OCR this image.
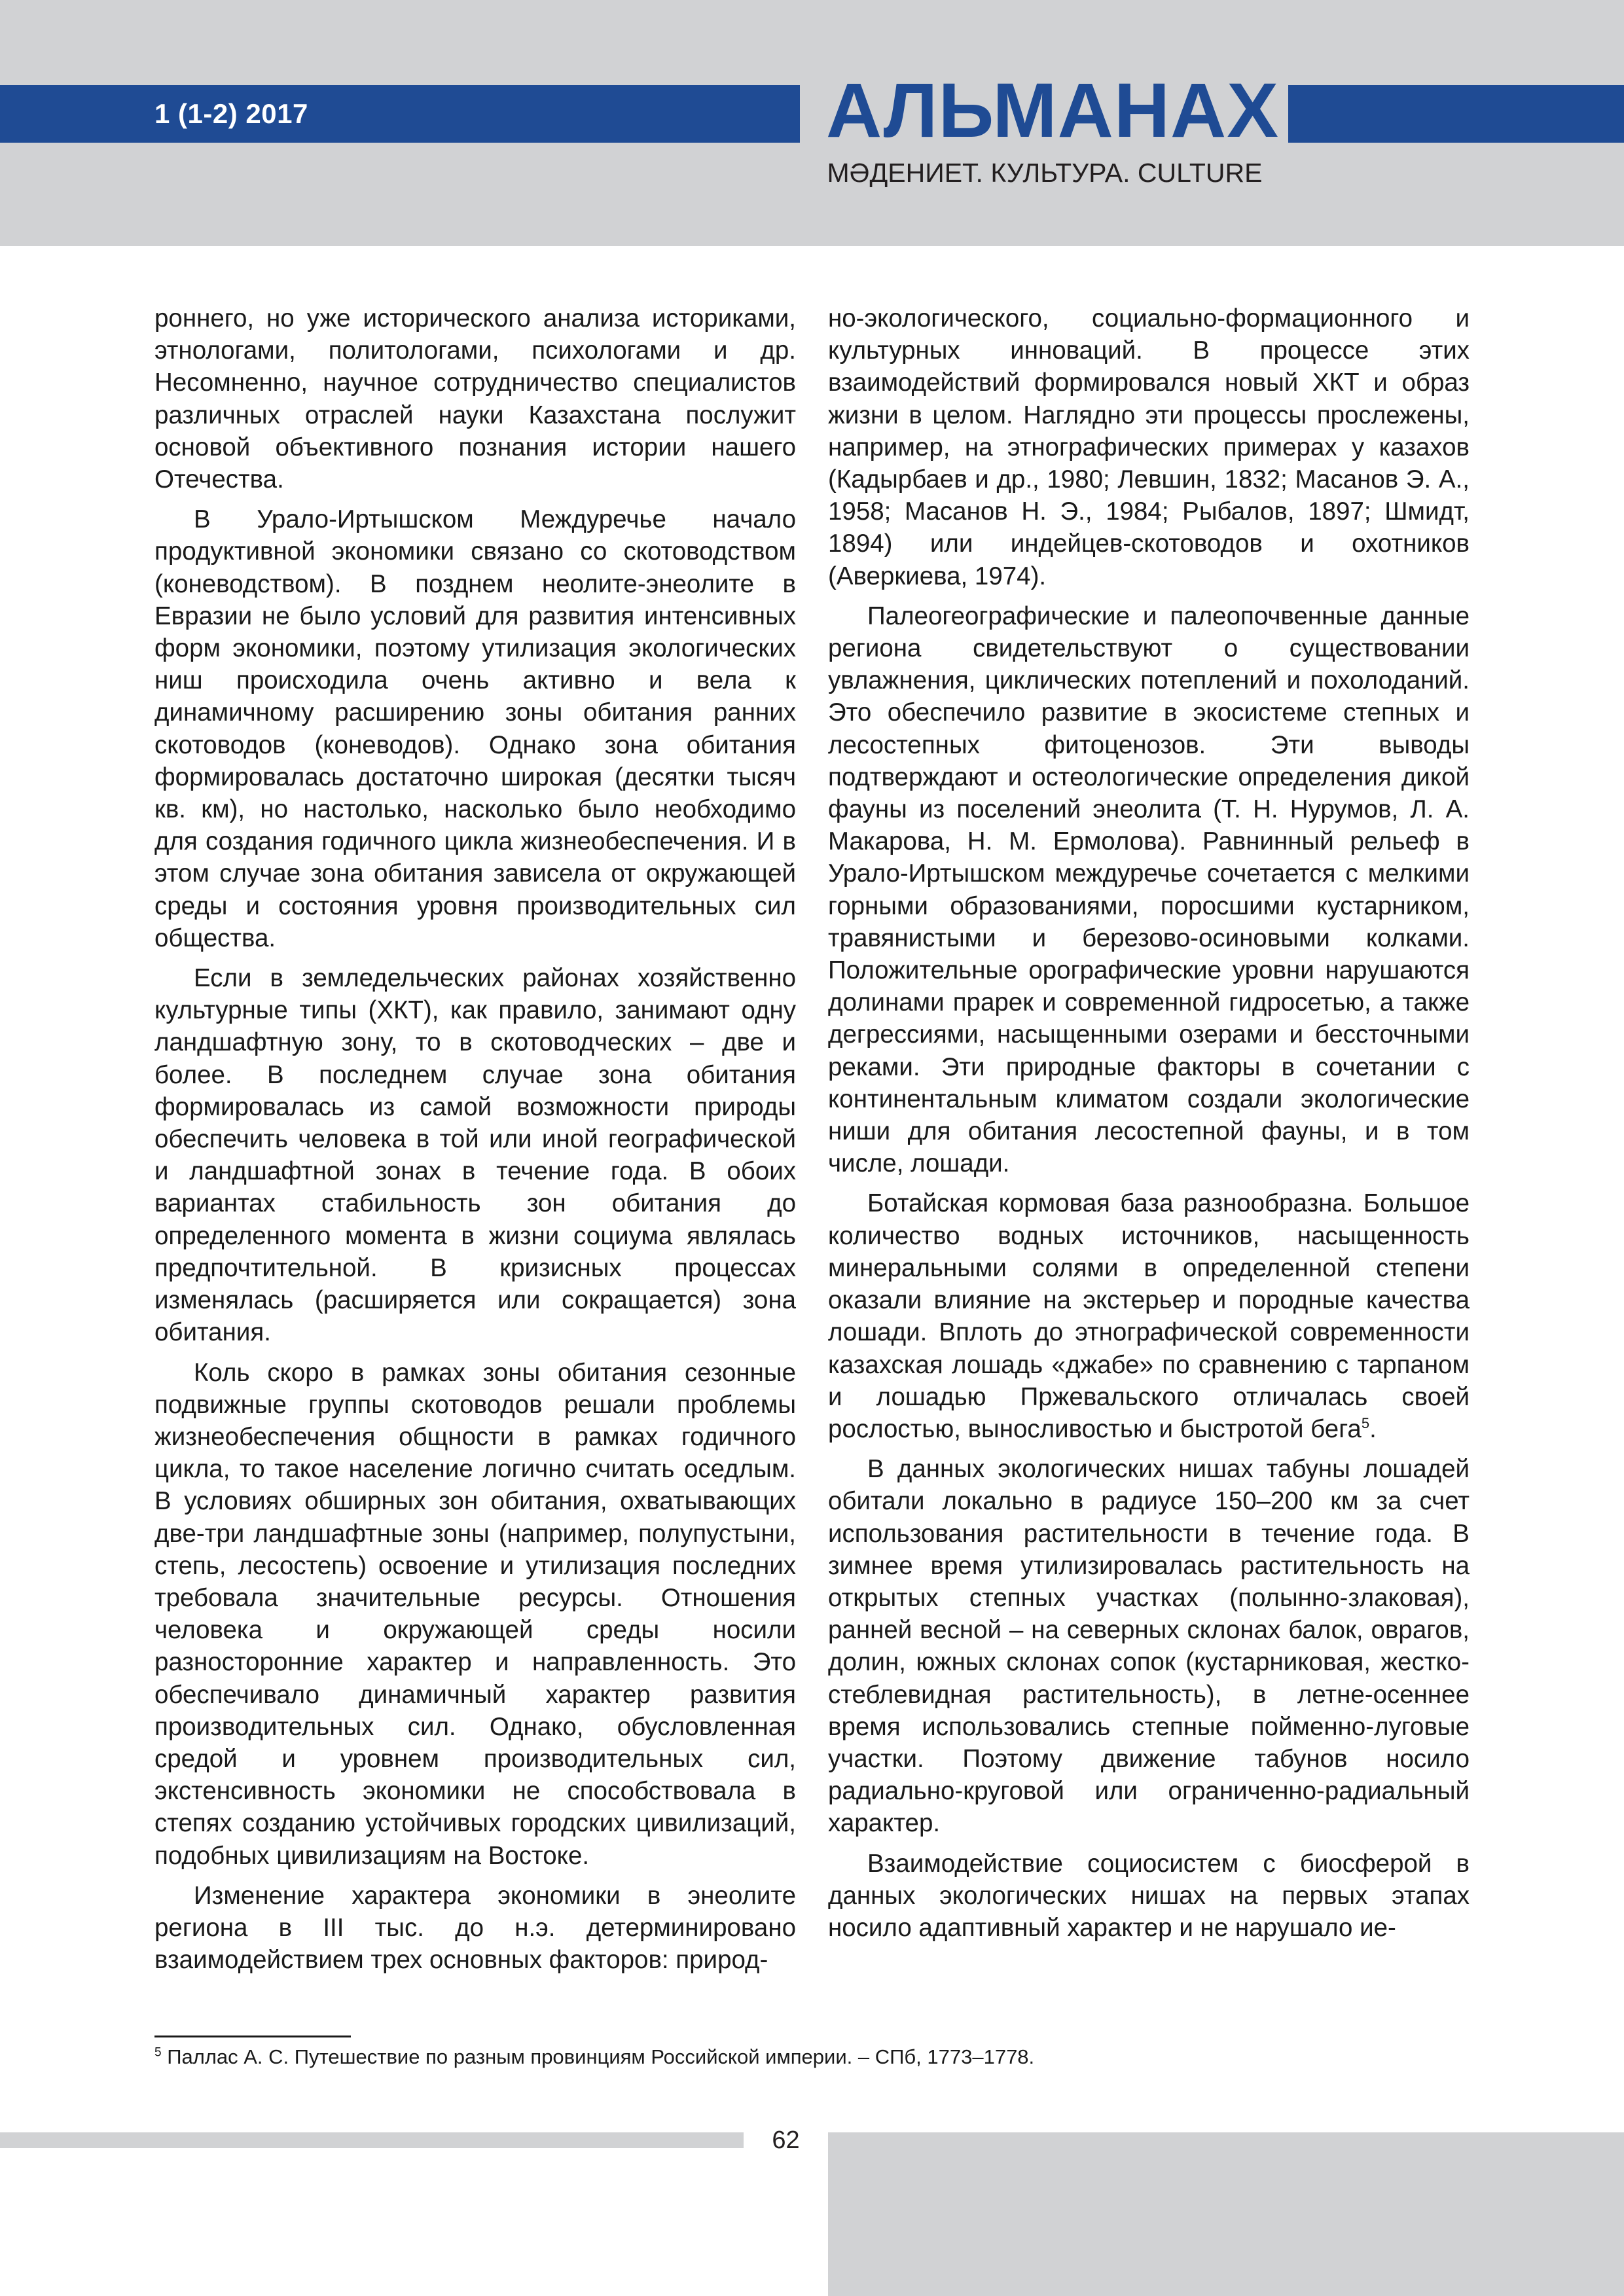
1 (1-2) 2017	АЛЬМАНАХ
МӘДЕНИЕТ. КУЛЬТУРА. CULTURE

роннего, но уже исторического анализа историками, этнологами, политологами, психологами и др. Несомненно, научное сотрудничество специалистов различных отраслей науки Казахстана послужит основой объективного познания истории нашего Отечества.

В Урало-Иртышском Междуречье начало продуктивной экономики связано со скотоводством (коневодством). В позднем неолите-энеолите в Евразии не было условий для развития интенсивных форм экономики, поэтому утилизация экологических ниш происходила очень активно и вела к динамичному расширению зоны обитания ранних скотоводов (коневодов). Однако зона обитания формировалась достаточно широкая (десятки тысяч кв. км), но настолько, насколько было необходимо для создания годичного цикла жизнеобеспечения. И в этом случае зона обитания зависела от окружающей среды и состояния уровня производительных сил общества.

Если в земледельческих районах хозяйственно культурные типы (ХКТ), как правило, занимают одну ландшафтную зону, то в скотоводческих – две и более. В последнем случае зона обитания формировалась из самой возможности природы обеспечить человека в той или иной географической и ландшафтной зонах в течение года. В обоих вариантах стабильность зон обитания до определенного момента в жизни социума являлась предпочтительной. В кризисных процессах изменялась (расширяется или сокращается) зона обитания.

Коль скоро в рамках зоны обитания сезонные подвижные группы скотоводов решали проблемы жизнеобеспечения общности в рамках годичного цикла, то такое население логично считать оседлым. В условиях обширных зон обитания, охватывающих две-три ландшафтные зоны (например, полупустыни, степь, лесостепь) освоение и утилизация последних требовала значительные ресурсы. Отношения человека и окружающей среды носили разносторонние характер и направленность. Это обеспечивало динамичный характер развития производительных сил. Однако, обусловленная средой и уровнем производительных сил, экстенсивность экономики не способствовала в степях созданию устойчивых городских цивилизаций, подобных цивилизациям на Востоке.

Изменение характера экономики в энеолите региона в III тыс. до н.э. детерминировано взаимодействием трех основных факторов: природ-

но-экологического, социально-формационного и культурных инноваций. В процессе этих взаимодействий формировался новый ХКТ и образ жизни в целом. Наглядно эти процессы прослежены, например, на этнографических примерах у казахов (Кадырбаев и др., 1980; Левшин, 1832; Масанов Э. А., 1958; Масанов Н. Э., 1984; Рыбалов, 1897; Шмидт, 1894) или индейцев-скотоводов и охотников (Аверкиева, 1974).

Палеогеографические и палеопочвенные данные региона свидетельствуют о существовании увлажнения, циклических потеплений и похолоданий. Это обеспечило развитие в экосистеме степных и лесостепных фитоценозов. Эти выводы подтверждают и остеологические определения дикой фауны из поселений энеолита (Т. Н. Нурумов, Л. А. Макарова, Н. М. Ермолова). Равнинный рельеф в Урало-Иртышском междуречье сочетается с мелкими горными образованиями, поросшими кустарником, травянистыми и березово-осиновыми колками. Положительные орографические уровни нарушаются долинами прарек и современной гидросетью, а также дегрессиями, насыщенными озерами и бессточными реками. Эти природные факторы в сочетании с континентальным климатом создали экологические ниши для обитания лесостепной фауны, и в том числе, лошади.

Ботайская кормовая база разнообразна. Большое количество водных источников, насыщенность минеральными солями в определенной степени оказали влияние на экстерьер и породные качества лошади. Вплоть до этнографической современности казахская лошадь «джабе» по сравнению с тарпаном и лошадью Пржевальского отличалась своей рослостью, выносливостью и быстротой бега$^5$.

В данных экологических нишах табуны лошадей обитали локально в радиусе 150–200 км за счет использования растительности в течение года. В зимнее время утилизировалась растительность на открытых степных участках (полынно-злаковая), ранней весной – на северных склонах балок, оврагов, долин, южных склонах сопок (кустарниковая, жестко-стеблевидная растительность), в летне-осеннее время использовались степные пойменно-луговые участки. Поэтому движение табунов носило радиально-круговой или ограниченно-радиальный характер.

Взаимодействие социосистем с биосферой в данных экологических нишах на первых этапах носило адаптивный характер и не нарушало ие-

$^5$ Паллас А. С. Путешествие по разным провинциям Российской империи. – СПб, 1773–1778.
62
